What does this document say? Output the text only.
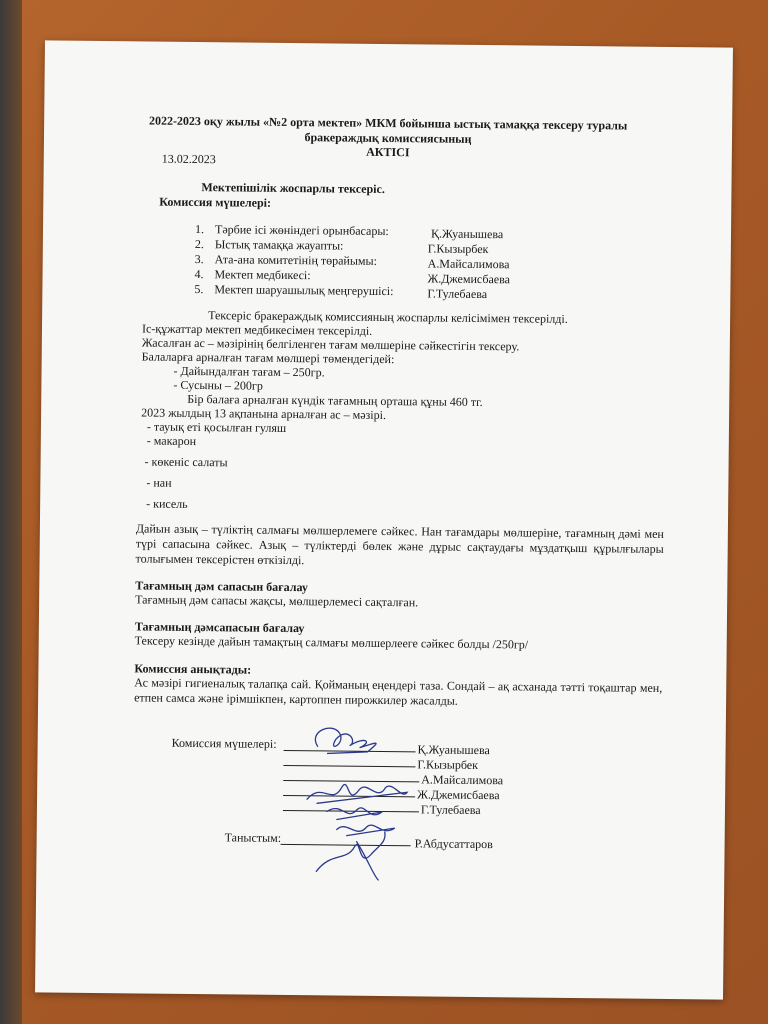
2022-2023 оқу жылы «№2 орта мектеп» МКМ бойынша ыстық тамаққа тексеру туралы
бракераждық комиссиясының
АКТІСІ
13.02.2023
Мектепішілік жоспарлы тексеріс.
Комиссия мүшелері:
1. Тәрбие ісі жөніндегі орынбасары:	Қ.Жуанышева
2. Ыстық тамаққа жауапты:	Г.Кызырбек
3. Ата-ана комитетінің төрайымы:	А.Майсалимова
4. Мектеп медбикесі:	Ж.Джемисбаева
5. Мектеп шаруашылық меңгерушісі:	Г.Тулебаева
Тексеріс бракераждық комиссияның жоспарлы келісімімен тексерілді.
Іс-құжаттар мектеп медбикесімен тексерілді.
Жасалған ас – мәзірінің белгіленген тағам мөлшеріне сәйкестігін тексеру.
Балаларға арналған тағам мөлшері төмендегідей:
- Дайындалған тағам – 250гр.
- Сусыны – 200гр
Бір балаға арналған күндік тағамның орташа құны 460 тг.
2023 жылдың 13 ақпанына арналған ас – мәзірі.
- тауық еті қосылған гуляш
- макарон
- көкеніс салаты
- нан
- кисель
Дайын азық – түліктің салмағы мөлшерлемеге сәйкес. Нан тағамдары мөлшеріне, тағамның дәмі мен түрі сапасына сәйкес. Азық – түліктерді бөлек және дұрыс сақтаудағы мұздатқыш құрылғылары толығымен тексерістен өткізілді.
Тағамның дәм сапасын бағалау
Тағамның дәм сапасы жақсы, мөлшерлемесі сақталған.
Тағамның дәмсапасын бағалау
Тексеру кезінде дайын тамақтың салмағы мөлшерлееге сәйкес болды /250гр/
Комиссия анықтады:
Ас мәзірі гигиеналық талапқа сай. Қойманың еңендері таза. Сондай – ақ асханада тәтті тоқаштар мен, етпен самса және ірімшікпен, картоппен пирожкилер жасалды.
Комиссия мүшелері:	Қ.Жуанышева
Г.Кызырбек
А.Майсалимова
Ж.Джемисбаева
Г.Тулебаева
Таныстым:	Р.Абдусаттаров
